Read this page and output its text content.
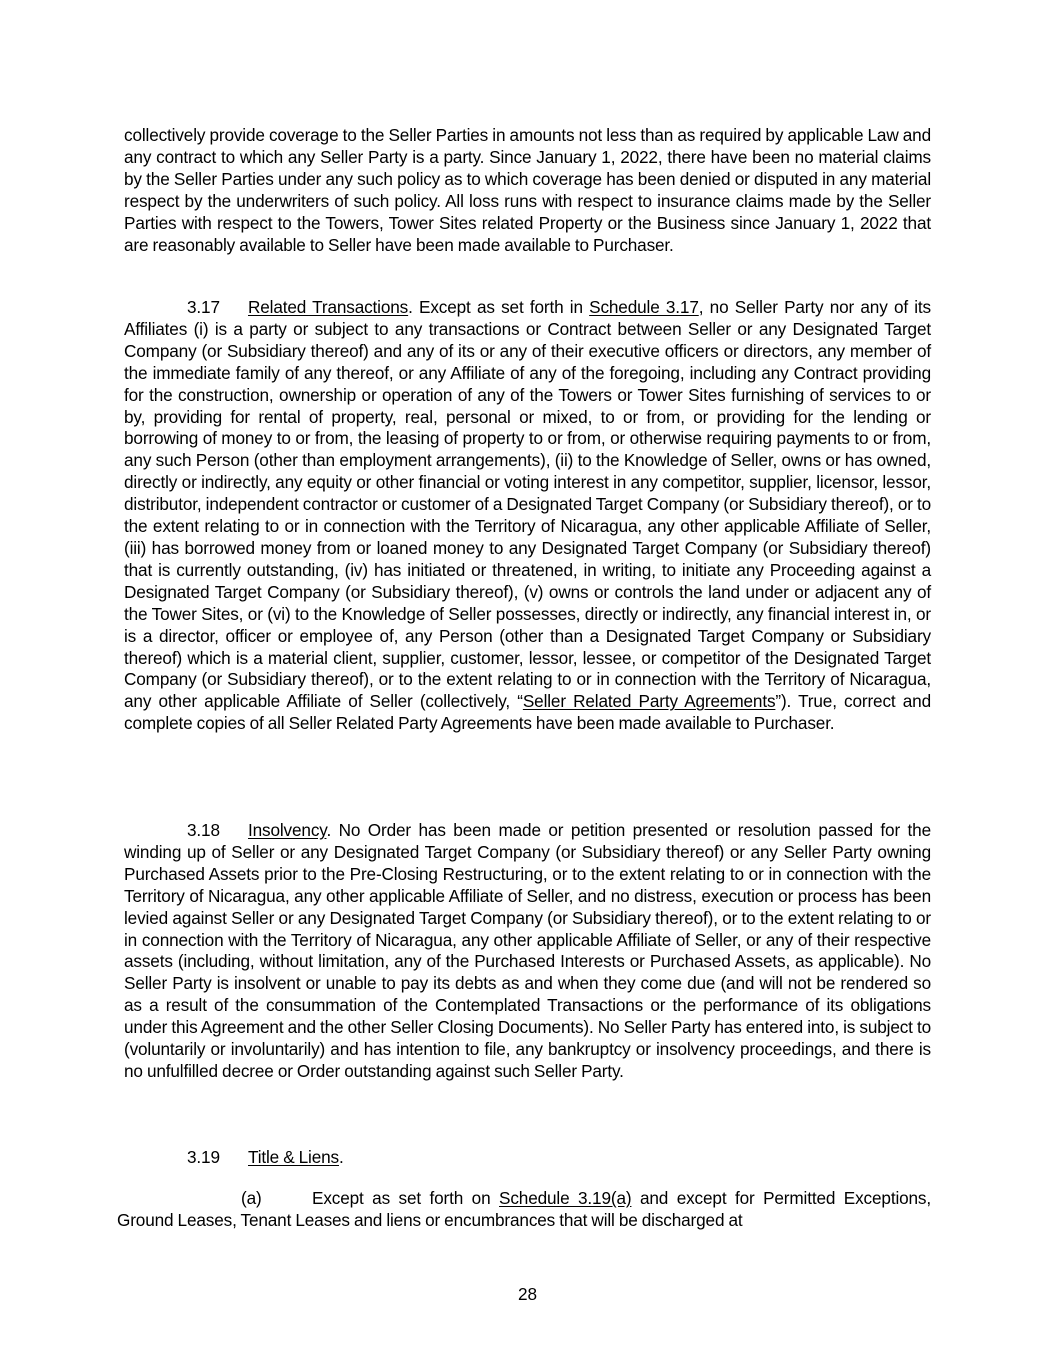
collectively provide coverage to the Seller Parties in amounts not less than as required by applicable Law and any contract to which any Seller Party is a party. Since January 1, 2022, there have been no material claims by the Seller Parties under any such policy as to which coverage has been denied or disputed in any material respect by the underwriters of such policy. All loss runs with respect to insurance claims made by the Seller Parties with respect to the Towers, Tower Sites related Property or the Business since January 1, 2022 that are reasonably available to Seller have been made available to Purchaser.

3.17 Related Transactions. Except as set forth in Schedule 3.17, no Seller Party nor any of its Affiliates (i) is a party or subject to any transactions or Contract between Seller or any Designated Target Company (or Subsidiary thereof) and any of its or any of their executive officers or directors, any member of the immediate family of any thereof, or any Affiliate of any of the foregoing, including any Contract providing for the construction, ownership or operation of any of the Towers or Tower Sites furnishing of services to or by, providing for rental of property, real, personal or mixed, to or from, or providing for the lending or borrowing of money to or from, the leasing of property to or from, or otherwise requiring payments to or from, any such Person (other than employment arrangements), (ii) to the Knowledge of Seller, owns or has owned, directly or indirectly, any equity or other financial or voting interest in any competitor, supplier, licensor, lessor, distributor, independent contractor or customer of a Designated Target Company (or Subsidiary thereof), or to the extent relating to or in connection with the Territory of Nicaragua, any other applicable Affiliate of Seller, (iii) has borrowed money from or loaned money to any Designated Target Company (or Subsidiary thereof) that is currently outstanding, (iv) has initiated or threatened, in writing, to initiate any Proceeding against a Designated Target Company (or Subsidiary thereof), (v) owns or controls the land under or adjacent any of the Tower Sites, or (vi) to the Knowledge of Seller possesses, directly or indirectly, any financial interest in, or is a director, officer or employee of, any Person (other than a Designated Target Company or Subsidiary thereof) which is a material client, supplier, customer, lessor, lessee, or competitor of the Designated Target Company (or Subsidiary thereof), or to the extent relating to or in connection with the Territory of Nicaragua, any other applicable Affiliate of Seller (collectively, “Seller Related Party Agreements”). True, correct and complete copies of all Seller Related Party Agreements have been made available to Purchaser.

3.18 Insolvency. No Order has been made or petition presented or resolution passed for the winding up of Seller or any Designated Target Company (or Subsidiary thereof) or any Seller Party owning Purchased Assets prior to the Pre-Closing Restructuring, or to the extent relating to or in connection with the Territory of Nicaragua, any other applicable Affiliate of Seller, and no distress, execution or process has been levied against Seller or any Designated Target Company (or Subsidiary thereof), or to the extent relating to or in connection with the Territory of Nicaragua, any other applicable Affiliate of Seller, or any of their respective assets (including, without limitation, any of the Purchased Interests or Purchased Assets, as applicable). No Seller Party is insolvent or unable to pay its debts as and when they come due (and will not be rendered so as a result of the consummation of the Contemplated Transactions or the performance of its obligations under this Agreement and the other Seller Closing Documents). No Seller Party has entered into, is subject to (voluntarily or involuntarily) and has intention to file, any bankruptcy or insolvency proceedings, and there is no unfulfilled decree or Order outstanding against such Seller Party.

3.19 Title & Liens.

(a)	Except as set forth on Schedule 3.19(a) and except for Permitted Exceptions, Ground Leases, Tenant Leases and liens or encumbrances that will be discharged at

28
